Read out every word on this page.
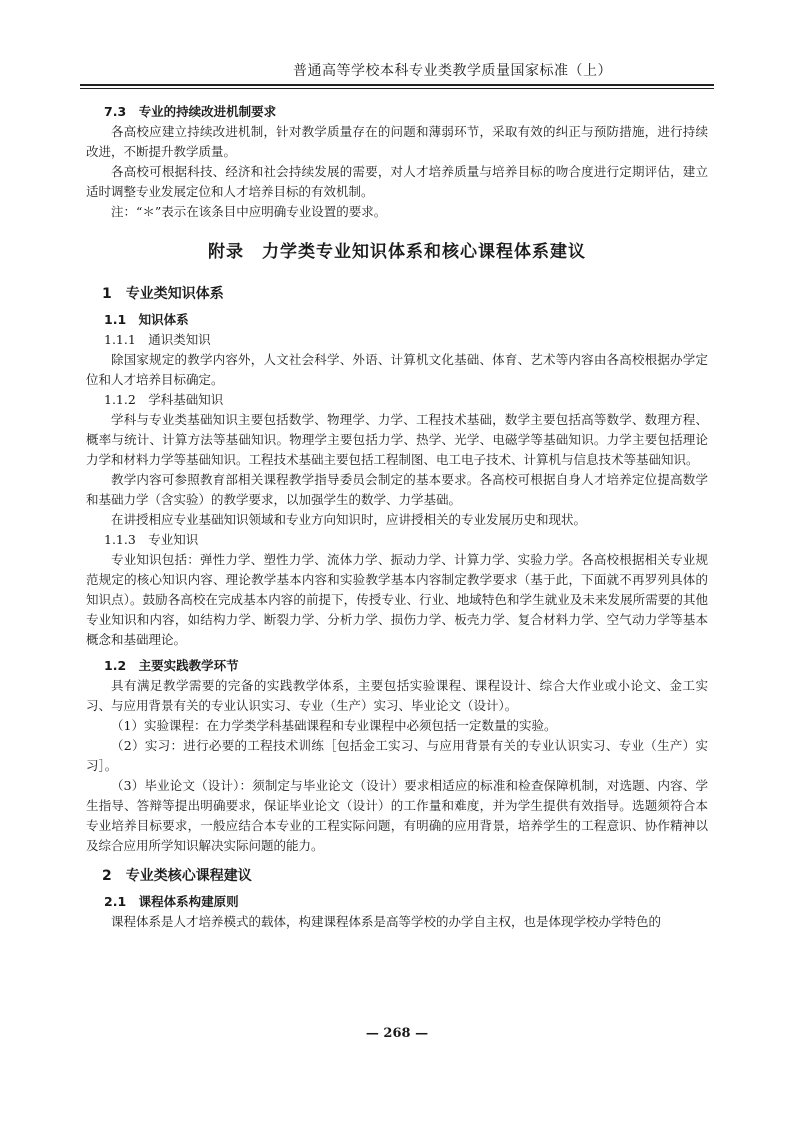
普通高等学校本科专业类教学质量国家标准（上）

7.3　专业的持续改进机制要求

各高校应建立持续改进机制，针对教学质量存在的问题和薄弱环节，采取有效的纠正与预防措施，进行持续改进，不断提升教学质量。

各高校可根据科技、经济和社会持续发展的需要，对人才培养质量与培养目标的吻合度进行定期评估，建立适时调整专业发展定位和人才培养目标的有效机制。

注：“＊”表示在该条目中应明确专业设置的要求。

附录　力学类专业知识体系和核心课程体系建议

1　专业类知识体系

1.1　知识体系

1.1.1　通识类知识

除国家规定的教学内容外，人文社会科学、外语、计算机文化基础、体育、艺术等内容由各高校根据办学定位和人才培养目标确定。

1.1.2　学科基础知识

学科与专业类基础知识主要包括数学、物理学、力学、工程技术基础，数学主要包括高等数学、数理方程、概率与统计、计算方法等基础知识。物理学主要包括力学、热学、光学、电磁学等基础知识。力学主要包括理论力学和材料力学等基础知识。工程技术基础主要包括工程制图、电工电子技术、计算机与信息技术等基础知识。

教学内容可参照教育部相关课程教学指导委员会制定的基本要求。各高校可根据自身人才培养定位提高数学和基础力学（含实验）的教学要求，以加强学生的数学、力学基础。

在讲授相应专业基础知识领域和专业方向知识时，应讲授相关的专业发展历史和现状。

1.1.3　专业知识

专业知识包括：弹性力学、塑性力学、流体力学、振动力学、计算力学、实验力学。各高校根据相关专业规范规定的核心知识内容、理论教学基本内容和实验教学基本内容制定教学要求（基于此，下面就不再罗列具体的知识点）。鼓励各高校在完成基本内容的前提下，传授专业、行业、地域特色和学生就业及未来发展所需要的其他专业知识和内容，如结构力学、断裂力学、分析力学、损伤力学、板壳力学、复合材料力学、空气动力学等基本概念和基础理论。

1.2　主要实践教学环节

具有满足教学需要的完备的实践教学体系，主要包括实验课程、课程设计、综合大作业或小论文、金工实习、与应用背景有关的专业认识实习、专业（生产）实习、毕业论文（设计）。

（1）实验课程：在力学类学科基础课程和专业课程中必须包括一定数量的实验。

（2）实习：进行必要的工程技术训练［包括金工实习、与应用背景有关的专业认识实习、专业（生产）实习］。

（3）毕业论文（设计）：须制定与毕业论文（设计）要求相适应的标准和检查保障机制，对选题、内容、学生指导、答辩等提出明确要求，保证毕业论文（设计）的工作量和难度，并为学生提供有效指导。选题须符合本专业培养目标要求，一般应结合本专业的工程实际问题，有明确的应用背景，培养学生的工程意识、协作精神以及综合应用所学知识解决实际问题的能力。

2　专业类核心课程建议

2.1　课程体系构建原则

课程体系是人才培养模式的载体，构建课程体系是高等学校的办学自主权，也是体现学校办学特色的

— 268 —
